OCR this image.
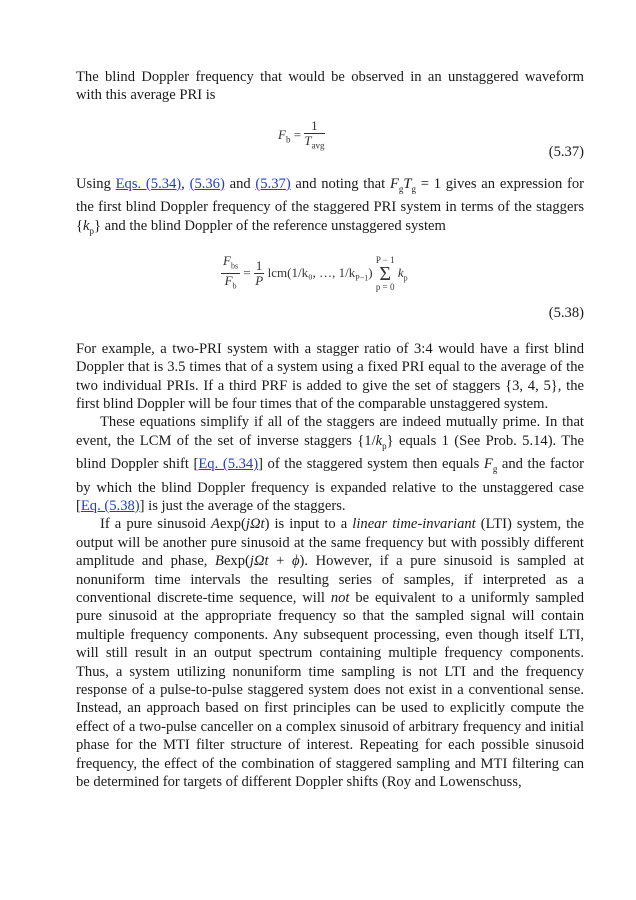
The blind Doppler frequency that would be observed in an unstaggered waveform with this average PRI is

$F_b = \frac{1}{T_{avg}}$	(5.37)

Using Eqs. (5.34), (5.36) and (5.37) and noting that $F_gT_g = 1$ gives an expression for the first blind Doppler frequency of the staggered PRI system in terms of the staggers $\{k_p\}$ and the blind Doppler of the reference unstaggered system

$\frac{F_{bs}}{F_b} = \frac{1}{P} lcm(1/k_0$, …, $1/k_{P-1}$)
P − 1
Σ
p = 0
$k_p$
(5.38)

For example, a two-PRI system with a stagger ratio of 3:4 would have a first blind Doppler that is 3.5 times that of a system using a fixed PRI equal to the average of the two individual PRIs. If a third PRF is added to give the set of staggers {3, 4, 5}, the first blind Doppler will be four times that of the comparable unstaggered system.

These equations simplify if all of the staggers are indeed mutually prime. In that event, the LCM of the set of inverse staggers $\{1/k_p\}$ equals 1 (See Prob. 5.14). The blind Doppler shift [Eq. (5.34)] of the staggered system then equals $F_g$ and the factor by which the blind Doppler frequency is expanded relative to the unstaggered case [Eq. (5.38)] is just the average of the staggers.

If a pure sinusoid Aexp(jΩt) is input to a linear time-invariant (LTI) system, the output will be another pure sinusoid at the same frequency but with possibly different amplitude and phase, Bexp(jΩt + ϕ). However, if a pure sinusoid is sampled at nonuniform time intervals the resulting series of samples, if interpreted as a conventional discrete-time sequence, will not be equivalent to a uniformly sampled pure sinusoid at the appropriate frequency so that the sampled signal will contain multiple frequency components. Any subsequent processing, even though itself LTI, will still result in an output spectrum containing multiple frequency components. Thus, a system utilizing nonuniform time sampling is not LTI and the frequency response of a pulse-to-pulse staggered system does not exist in a conventional sense. Instead, an approach based on first principles can be used to explicitly compute the effect of a two-pulse canceller on a complex sinusoid of arbitrary frequency and initial phase for the MTI filter structure of interest. Repeating for each possible sinusoid frequency, the effect of the combination of staggered sampling and MTI filtering can be determined for targets of different Doppler shifts (Roy and Lowenschuss,
